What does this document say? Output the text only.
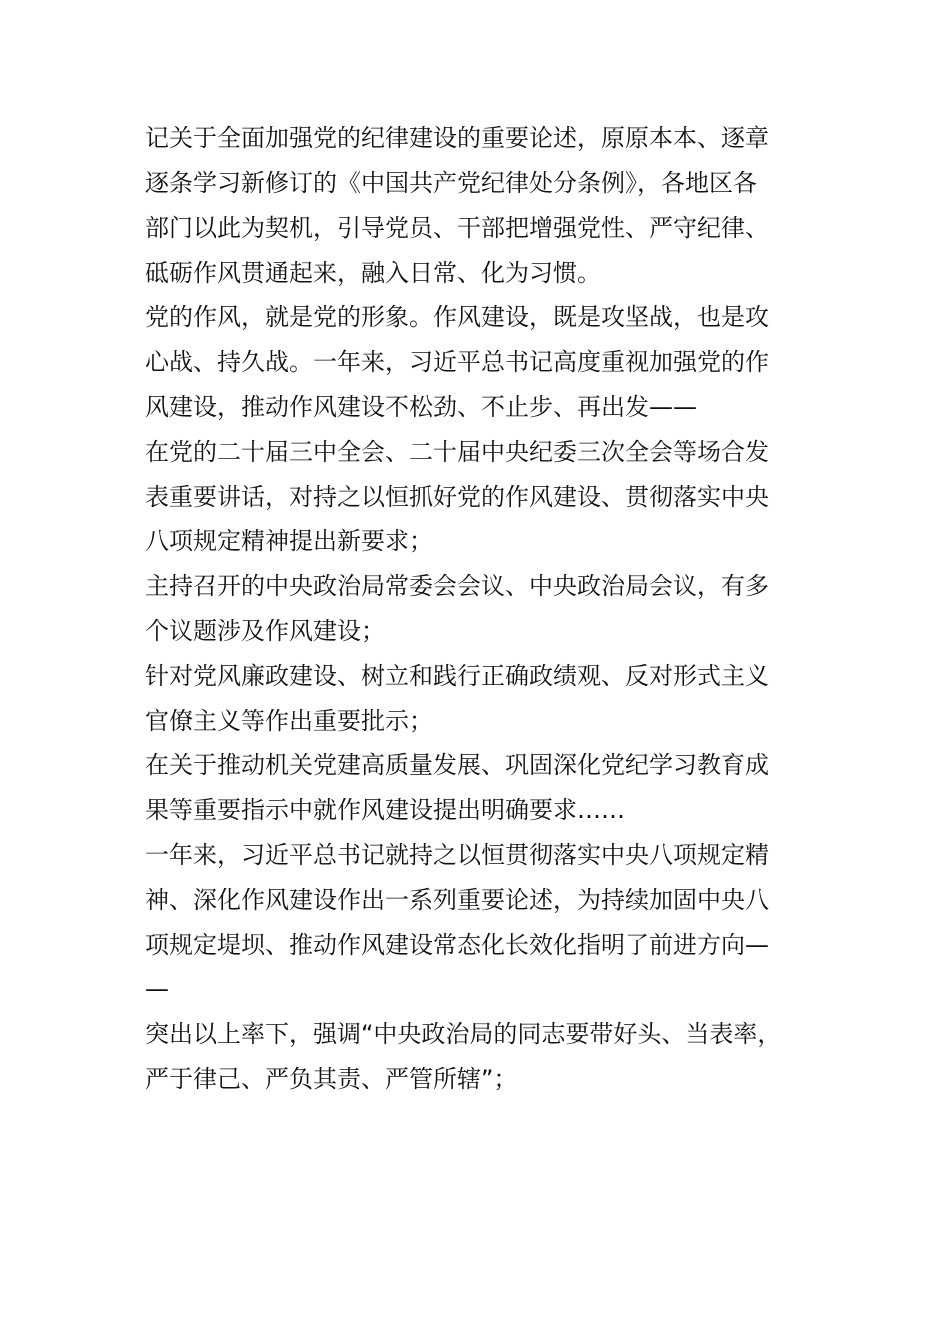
记关于全面加强党的纪律建设的重要论述，原原本本、逐章
逐条学习新修订的《中国共产党纪律处分条例》，各地区各
部门以此为契机，引导党员、干部把增强党性、严守纪律、
砥砺作风贯通起来，融入日常、化为习惯。
党的作风，就是党的形象。作风建设，既是攻坚战，也是攻
心战、持久战。一年来，习近平总书记高度重视加强党的作
风建设，推动作风建设不松劲、不止步、再出发——
在党的二十届三中全会、二十届中央纪委三次全会等场合发
表重要讲话，对持之以恒抓好党的作风建设、贯彻落实中央
八项规定精神提出新要求；
主持召开的中央政治局常委会会议、中央政治局会议，有多
个议题涉及作风建设；
针对党风廉政建设、树立和践行正确政绩观、反对形式主义
官僚主义等作出重要批示；
在关于推动机关党建高质量发展、巩固深化党纪学习教育成
果等重要指示中就作风建设提出明确要求……
一年来，习近平总书记就持之以恒贯彻落实中央八项规定精
神、深化作风建设作出一系列重要论述，为持续加固中央八
项规定堤坝、推动作风建设常态化长效化指明了前进方向—
—
突出以上率下，强调“中央政治局的同志要带好头、当表率，
严于律己、严负其责、严管所辖”；
